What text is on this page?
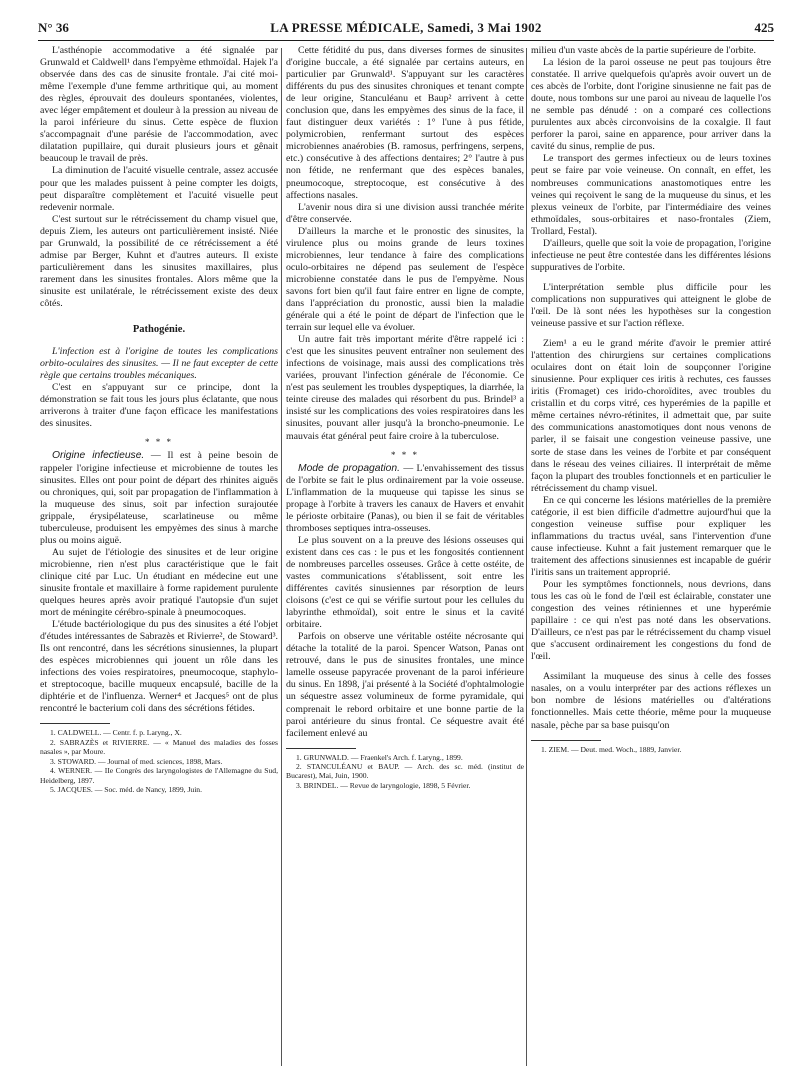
N° 36	LA PRESSE MÉDICALE, Samedi, 3 Mai 1902	425

L'asthénopie accommodative a été signalée par Grunwald et Caldwell¹ dans l'empyème ethmoïdal. Hajek l'a observée dans des cas de sinusite frontale. J'ai cité moi-même l'exemple d'une femme arthritique qui, au moment des règles, éprouvait des douleurs spontanées, violentes, avec léger empâtement et douleur à la pression au niveau de la paroi inférieure du sinus. Cette espèce de fluxion s'accompagnait d'une parésie de l'accommodation, avec dilatation pupillaire, qui durait plusieurs jours et gênait beaucoup le travail de près.

La diminution de l'acuité visuelle centrale, assez accusée pour que les malades puissent à peine compter les doigts, peut disparaître complètement et l'acuité visuelle peut redevenir normale.

C'est surtout sur le rétrécissement du champ visuel que, depuis Ziem, les auteurs ont particulièrement insisté. Niée par Grunwald, la possibilité de ce rétrécissement a été admise par Berger, Kuhnt et d'autres auteurs. Il existe particulièrement dans les sinusites maxillaires, plus rarement dans les sinusites frontales. Alors même que la sinusite est unilatérale, le rétrécissement existe des deux côtés.

Pathogénie.

L'infection est à l'origine de toutes les complications orbito-oculaires des sinusites. — Il ne faut excepter de cette règle que certains troubles mécaniques.

C'est en s'appuyant sur ce principe, dont la démonstration se fait tous les jours plus éclatante, que nous arriverons à traiter d'une façon efficace les manifestations des sinusites.

* * *

Origine infectieuse. — Il est à peine besoin de rappeler l'origine infectieuse et microbienne de toutes les sinusites. Elles ont pour point de départ des rhinites aiguës ou chroniques, qui, soit par propagation de l'inflammation à la muqueuse des sinus, soit par infection surajoutée grippale, érysipélateuse, scarlatineuse ou même tuberculeuse, produisent les empyèmes des sinus à marche plus ou moins aiguë.

Au sujet de l'étiologie des sinusites et de leur origine microbienne, rien n'est plus caractéristique que le fait clinique cité par Luc. Un étudiant en médecine eut une sinusite frontale et maxillaire à forme rapidement purulente quelques heures après avoir pratiqué l'autopsie d'un sujet mort de méningite cérébro-spinale à pneumocoques.

L'étude bactériologique du pus des sinusites a été l'objet d'études intéressantes de Sabrazès et Rivierre², de Stoward³. Ils ont rencontré, dans les sécrétions sinusiennes, la plupart des espèces microbiennes qui jouent un rôle dans les infections des voies respiratoires, pneumocoque, staphylo- et streptocoque, bacille muqueux encapsulé, bacille de la diphtérie et de l'influenza. Werner⁴ et Jacques⁵ ont de plus rencontré le bacterium coli dans des sécrétions fétides.

1. CALDWELL. — Centr. f. p. Laryng., X.

2. SABRAZÈS et RIVIERRE. — « Manuel des maladies des fosses nasales », par Moure.

3. STOWARD. — Journal of med. sciences, 1898, Mars.

4. WERNER. — IIe Congrès des laryngologistes de l'Allemagne du Sud, Heidelberg, 1897.

5. JACQUES. — Soc. méd. de Nancy, 1899, Juin.

Cette fétidité du pus, dans diverses formes de sinusites d'origine buccale, a été signalée par certains auteurs, en particulier par Grunwald¹. S'appuyant sur les caractères différents du pus des sinusites chroniques et tenant compte de leur origine, Stanculéanu et Baup² arrivent à cette conclusion que, dans les empyèmes des sinus de la face, il faut distinguer deux variétés : 1° l'une à pus fétide, polymicrobien, renfermant surtout des espèces microbiennes anaérobies (B. ramosus, perfringens, serpens, etc.) consécutive à des affections dentaires; 2° l'autre à pus non fétide, ne renfermant que des espèces banales, pneumocoque, streptocoque, est consécutive à des affections nasales.

L'avenir nous dira si une division aussi tranchée mérite d'être conservée.

D'ailleurs la marche et le pronostic des sinusites, la virulence plus ou moins grande de leurs toxines microbiennes, leur tendance à faire des complications oculo-orbitaires ne dépend pas seulement de l'espèce microbienne constatée dans le pus de l'empyème. Nous savons fort bien qu'il faut faire entrer en ligne de compte, dans l'appréciation du pronostic, aussi bien la maladie générale qui a été le point de départ de l'infection que le terrain sur lequel elle va évoluer.

Un autre fait très important mérite d'être rappelé ici : c'est que les sinusites peuvent entraîner non seulement des infections de voisinage, mais aussi des complications très variées, prouvant l'infection générale de l'économie. Ce n'est pas seulement les troubles dyspeptiques, la diarrhée, la teinte cireuse des malades qui résorbent du pus. Brindel³ a insisté sur les complications des voies respiratoires dans les sinusites, pouvant aller jusqu'à la broncho-pneumonie. Le mauvais état général peut faire croire à la tuberculose.

* * *

Mode de propagation. — L'envahissement des tissus de l'orbite se fait le plus ordinairement par la voie osseuse. L'inflammation de la muqueuse qui tapisse les sinus se propage à l'orbite à travers les canaux de Havers et envahit le périoste orbitaire (Panas), ou bien il se fait de véritables thromboses septiques intra-osseuses.

Le plus souvent on a la preuve des lésions osseuses qui existent dans ces cas : le pus et les fongosités contiennent de nombreuses parcelles osseuses. Grâce à cette ostéite, de vastes communications s'établissent, soit entre les différentes cavités sinusiennes par résorption de leurs cloisons (c'est ce qui se vérifie surtout pour les cellules du labyrinthe ethmoïdal), soit entre le sinus et la cavité orbitaire.

Parfois on observe une véritable ostéite nécrosante qui détache la totalité de la paroi. Spencer Watson, Panas ont retrouvé, dans le pus de sinusites frontales, une mince lamelle osseuse papyracée provenant de la paroi inférieure du sinus. En 1898, j'ai présenté à la Société d'ophtalmologie un séquestre assez volumineux de forme pyramidale, qui comprenait le rebord orbitaire et une bonne partie de la paroi antérieure du sinus frontal. Ce séquestre avait été facilement enlevé au

1. GRUNWALD. — Fraenkel's Arch. f. Laryng., 1899.

2. STANCULÉANU et BAUP. — Arch. des sc. méd. (institut de Bucarest), Mai, Juin, 1900.

3. BRINDEL. — Revue de laryngologie, 1898, 5 Février.

milieu d'un vaste abcès de la partie supérieure de l'orbite.

La lésion de la paroi osseuse ne peut pas toujours être constatée. Il arrive quelquefois qu'après avoir ouvert un de ces abcès de l'orbite, dont l'origine sinusienne ne fait pas de doute, nous tombons sur une paroi au niveau de laquelle l'os ne semble pas dénudé : on a comparé ces collections purulentes aux abcès circonvoisins de la coxalgie. Il faut perforer la paroi, saine en apparence, pour arriver dans la cavité du sinus, remplie de pus.

Le transport des germes infectieux ou de leurs toxines peut se faire par voie veineuse. On connaît, en effet, les nombreuses communications anastomotiques entre les veines qui reçoivent le sang de la muqueuse du sinus, et les plexus veineux de l'orbite, par l'intermédiaire des veines ethmoïdales, sous-orbitaires et naso-frontales (Ziem, Trollard, Festal).

D'ailleurs, quelle que soit la voie de propagation, l'origine infectieuse ne peut être contestée dans les différentes lésions suppuratives de l'orbite.

L'interprétation semble plus difficile pour les complications non suppuratives qui atteignent le globe de l'œil. De là sont nées les hypothèses sur la congestion veineuse passive et sur l'action réflexe.

Ziem¹ a eu le grand mérite d'avoir le premier attiré l'attention des chirurgiens sur certaines complications oculaires dont on était loin de soupçonner l'origine sinusienne. Pour expliquer ces iritis à rechutes, ces fausses iritis (Fromaget) ces irido-choroïdites, avec troubles du cristallin et du corps vitré, ces hyperémies de la papille et même certaines névro-rétinites, il admettait que, par suite des communications anastomotiques dont nous venons de parler, il se faisait une congestion veineuse passive, une sorte de stase dans les veines de l'orbite et par conséquent dans le réseau des veines ciliaires. Il interprétait de même façon la plupart des troubles fonctionnels et en particulier le rétrécissement du champ visuel.

En ce qui concerne les lésions matérielles de la première catégorie, il est bien difficile d'admettre aujourd'hui que la congestion veineuse suffise pour expliquer les inflammations du tractus uvéal, sans l'intervention d'une cause infectieuse. Kuhnt a fait justement remarquer que le traitement des affections sinusiennes est incapable de guérir l'iritis sans un traitement approprié.

Pour les symptômes fonctionnels, nous devrions, dans tous les cas où le fond de l'œil est éclairable, constater une congestion des veines rétiniennes et une hyperémie papillaire : ce qui n'est pas noté dans les observations. D'ailleurs, ce n'est pas par le rétrécissement du champ visuel que s'accusent ordinairement les congestions du fond de l'œil.

Assimilant la muqueuse des sinus à celle des fosses nasales, on a voulu interpréter par des actions réflexes un bon nombre de lésions matérielles ou d'altérations fonctionnelles. Mais cette théorie, même pour la muqueuse nasale, pèche par sa base puisqu'on

1. ZIEM. — Deut. med. Woch., 1889, Janvier.
